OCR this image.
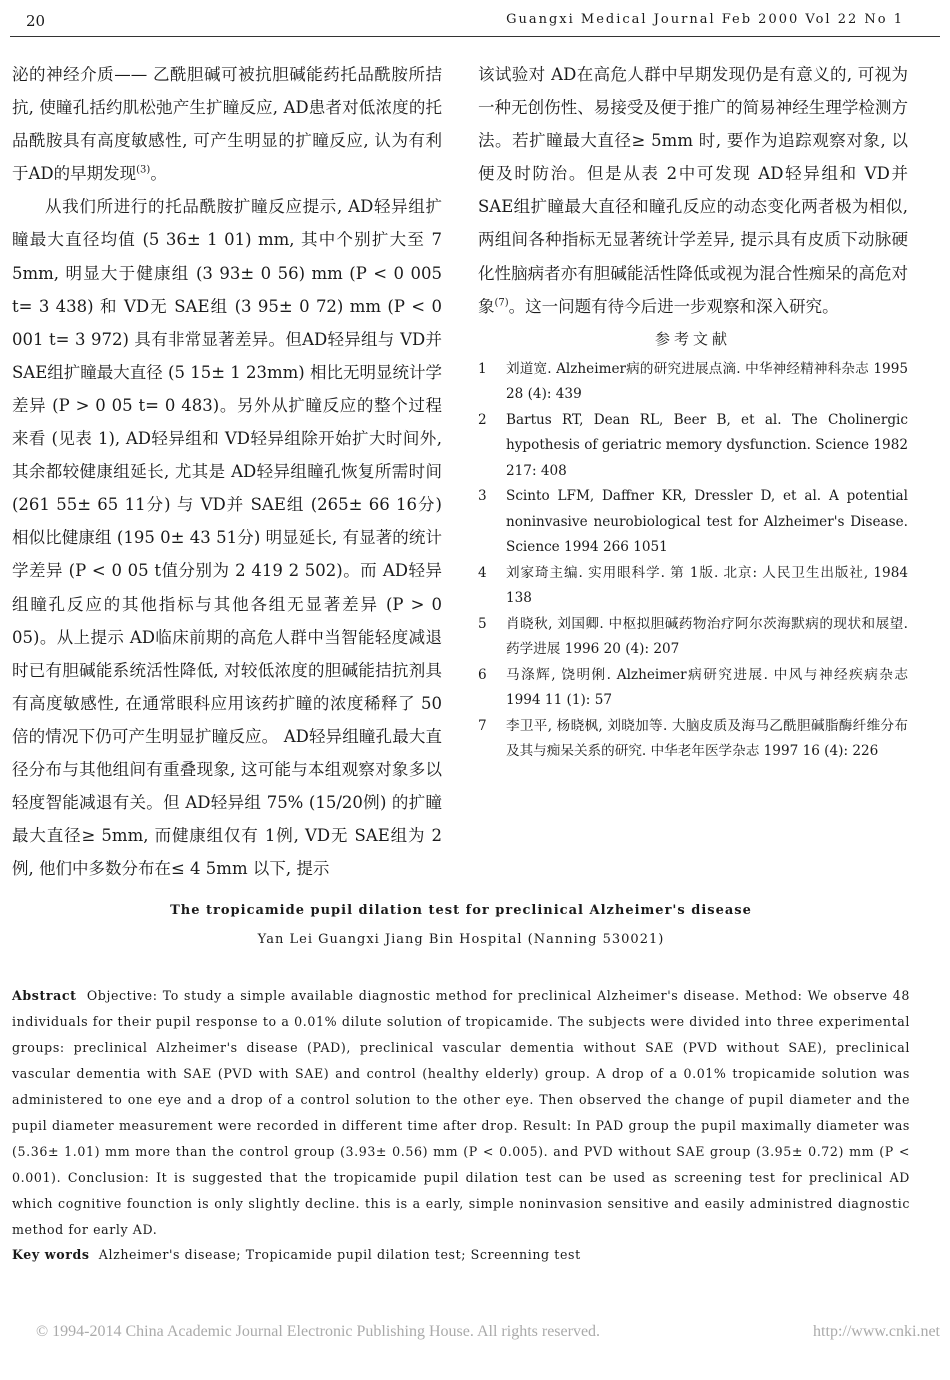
20	Guangxi Medical Journal Feb 2000 Vol 22 No 1

泌的神经介质—— 乙酰胆碱可被抗胆碱能药托品酰胺所拮抗, 使瞳孔括约肌松弛产生扩瞳反应, AD患者对低浓度的托品酰胺具有高度敏感性, 可产生明显的扩瞳反应, 认为有利于AD的早期发现$^{(3)}$。

从我们所进行的托品酰胺扩瞳反应提示, AD轻异组扩瞳最大直径均值 (5 36± 1 01) mm, 其中个别扩大至 7 5mm, 明显大于健康组 (3 93± 0 56) mm (P < 0 005 t= 3 438) 和 VD无 SAE组 (3 95± 0 72) mm (P < 0 001 t= 3 972) 具有非常显著差异。但AD轻异组与 VD并 SAE组扩瞳最大直径 (5 15± 1 23mm) 相比无明显统计学差异 (P > 0 05 t= 0 483)。另外从扩瞳反应的整个过程来看 (见表 1), AD轻异组和 VD轻异组除开始扩大时间外, 其余都较健康组延长, 尤其是 AD轻异组瞳孔恢复所需时间 (261 55± 65 11分) 与 VD并 SAE组 (265± 66 16分) 相似比健康组 (195 0± 43 51分) 明显延长, 有显著的统计学差异 (P < 0 05 t值分别为 2 419 2 502)。而 AD轻异组瞳孔反应的其他指标与其他各组无显著差异 (P > 0 05)。从上提示 AD临床前期的高危人群中当智能轻度减退时已有胆碱能系统活性降低, 对较低浓度的胆碱能拮抗剂具有高度敏感性, 在通常眼科应用该药扩瞳的浓度稀释了 50倍的情况下仍可产生明显扩瞳反应。 AD轻异组瞳孔最大直径分布与其他组间有重叠现象, 这可能与本组观察对象多以轻度智能减退有关。但 AD轻异组 75% (15/20例) 的扩瞳最大直径≥ 5mm, 而健康组仅有 1例, VD无 SAE组为 2例, 他们中多数分布在≤ 4 5mm 以下, 提示

该试验对 AD在高危人群中早期发现仍是有意义的, 可视为一种无创伤性、易接受及便于推广的简易神经生理学检测方法。若扩瞳最大直径≥ 5mm 时, 要作为追踪观察对象, 以便及时防治。但是从表 2中可发现 AD轻异组和 VD并 SAE组扩瞳最大直径和瞳孔反应的动态变化两者极为相似, 两组间各种指标无显著统计学差异, 提示具有皮质下动脉硬化性脑病者亦有胆碱能活性降低或视为混合性痴呆的高危对象$^{(7)}$。这一问题有待今后进一步观察和深入研究。

参考文献
1 刘道宽. Alzheimer病的研究进展点滴. 中华神经精神科杂志 1995 28 (4): 439
2 Bartus RT, Dean RL, Beer B, et al. The Cholinergic hypothesis of geriatric memory dysfunction. Science 1982 217: 408
3 Scinto LFM, Daffner KR, Dressler D, et al. A potential noninvasive neurobiological test for Alzheimer's Disease. Science 1994 266 1051
4 刘家琦主编. 实用眼科学. 第 1版. 北京: 人民卫生出版社, 1984 138
5 肖晓秋, 刘国卿. 中枢拟胆碱药物治疗阿尔茨海默病的现状和展望. 药学进展 1996 20 (4): 207
6 马涤辉, 饶明俐. Alzheimer病研究进展. 中风与神经疾病杂志 1994 11 (1): 57
7 李卫平, 杨晓枫, 刘晓加等. 大脑皮质及海马乙酰胆碱脂酶纤维分布及其与痴呆关系的研究. 中华老年医学杂志 1997 16 (4): 226
The tropicamide pupil dilation test for preclinical Alzheimer's disease
Yan Lei Guangxi Jiang Bin Hospital (Nanning 530021)
Abstract Objective: To study a simple available diagnostic method for preclinical Alzheimer's disease. Method: We observe 48 individuals for their pupil response to a 0.01% dilute solution of tropicamide. The subjects were divided into three experimental groups: preclinical Alzheimer's disease (PAD), preclinical vascular dementia without SAE (PVD without SAE), preclinical vascular dementia with SAE (PVD with SAE) and control (healthy elderly) group. A drop of a 0.01% tropicamide solution was administered to one eye and a drop of a control solution to the other eye. Then observed the change of pupil diameter and the pupil diameter measurement were recorded in different time after drop. Result: In PAD group the pupil maximally diameter was (5.36± 1.01) mm more than the control group (3.93± 0.56) mm (P < 0.005). and PVD without SAE group (3.95± 0.72) mm (P < 0.001). Conclusion: It is suggested that the tropicamide pupil dilation test can be used as screening test for preclinical AD which cognitive founction is only slightly decline. this is a early, simple noninvasion sensitive and easily administred diagnostic method for early AD.
Key words Alzheimer's disease; Tropicamide pupil dilation test; Screenning test
© 1994-2014 China Academic Journal Electronic Publishing House. All rights reserved.	http://www.cnki.net
